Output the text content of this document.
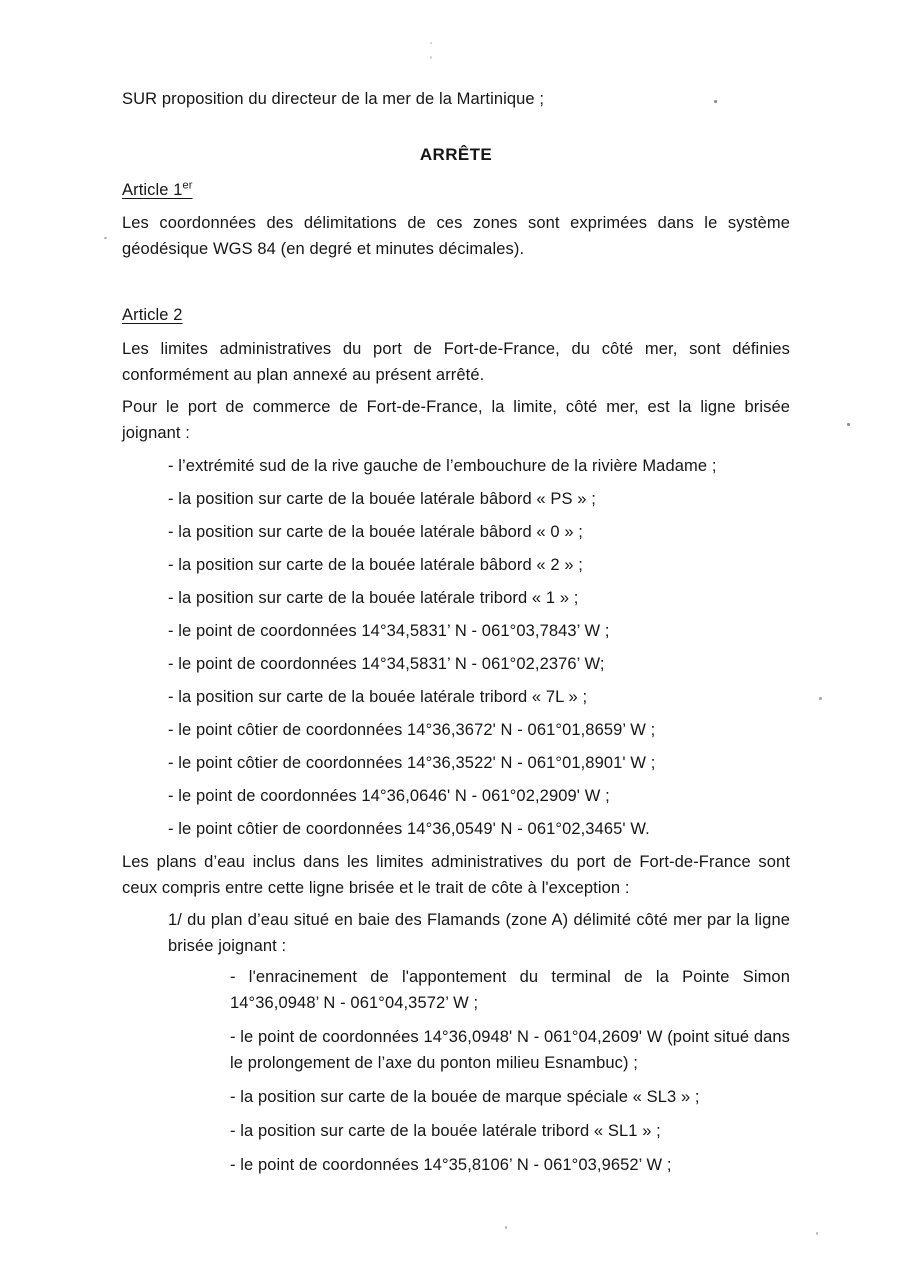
SUR proposition du directeur de la mer de la Martinique ;

ARRÊTE

Article 1er

Les coordonnées des délimitations de ces zones sont exprimées dans le système géodésique WGS 84 (en degré et minutes décimales).

Article 2

Les limites administratives du port de Fort-de-France, du côté mer, sont définies conformément au plan annexé au présent arrêté.

Pour le port de commerce de Fort-de-France, la limite, côté mer, est la ligne brisée joignant :

- l’extrémité sud de la rive gauche de l’embouchure de la rivière Madame ;
- la position sur carte de la bouée latérale bâbord « PS » ;
- la position sur carte de la bouée latérale bâbord « 0 » ;
- la position sur carte de la bouée latérale bâbord « 2 » ;
- la position sur carte de la bouée latérale tribord « 1 » ;
- le point de coordonnées 14°34,5831’ N - 061°03,7843’ W ;
- le point de coordonnées 14°34,5831’ N - 061°02,2376’ W;
- la position sur carte de la bouée latérale tribord « 7L » ;
- le point côtier de coordonnées 14°36,3672' N - 061°01,8659’ W ;
- le point côtier de coordonnées 14°36,3522' N - 061°01,8901' W ;
- le point de coordonnées 14°36,0646' N - 061°02,2909' W ;
- le point côtier de coordonnées 14°36,0549' N - 061°02,3465' W.

Les plans d’eau inclus dans les limites administratives du port de Fort-de-France sont ceux compris entre cette ligne brisée et le trait de côte à l'exception :

1/ du plan d’eau situé en baie des Flamands (zone A) délimité côté mer par la ligne brisée joignant :

- l'enracinement de l'appontement du terminal de la Pointe Simon 14°36,0948’ N - 061°04,3572’ W ;
- le point de coordonnées 14°36,0948' N - 061°04,2609' W (point situé dans le prolongement de l’axe du ponton milieu Esnambuc) ;
- la position sur carte de la bouée de marque spéciale « SL3 » ;
- la position sur carte de la bouée latérale tribord « SL1 » ;
- le point de coordonnées 14°35,8106’ N - 061°03,9652’ W ;
